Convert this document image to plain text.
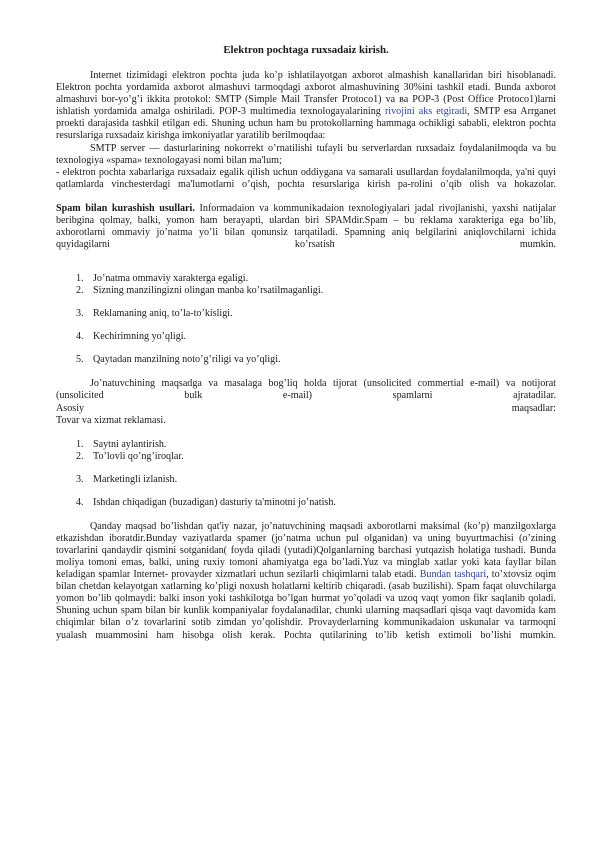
Elektron pochtaga ruxsadaiz kirish.

Internet tizimidagi elektron pochta juda ko’p ishlatilayotgan axborot almashish kanallaridan biri hisoblanadi. Elektron pochta yordamida axborot almashuvi tarmoqdagi axborot almashuvining 30%ini tashkil etadi. Bunda axborot almashuvi bor-yo’g’i ikkita protokol: SMTP (Simple Mail Transfer Protoco1) va ва POP-3 (Post Office Protoco1)larni ishlatish yordamida amalga oshiriladi. POP-3 multimedia texnologayalarining rivojini aks etgiradi, SMTP esa Arrganet proekti darajasida tashkil etilgan edi. Shuning uchun ham bu protokollarning hammaga ochikligi sababli, elektron pochta resurslariga ruxsadaiz kirishga imkoniyatlar yaratilib berilmoqdaa:

SMTP server — dasturlarining nokorrekt o’rnatilishi tufayli bu serverlardan ruxsadaiz foydalanilmoqda va bu texnologiya «spama» texnologayasi nomi bilan ma'lum;

- elektron pochta xabarlariga ruxsadaiz egalik qilish uchun oddiygana va samarali usullardan foydalanilmoqda, ya'ni quyi qatlamlarda vinchesterdagi ma'lumotlarni o’qish, pochta resurslariga kirish pa-rolini o’qib olish va hokazolar.

Spam bilan kurashish usullari. Informadaion va kommunikadaion texnologiyalari jadal rivojlanishi, yaxshi natijalar beribgina qolmay, balki, yomon ham berayapti, ulardan biri SPAMdir.Spam – bu reklama xarakteriga ega bo’lib, axborotlarni ommaviy jo’natma yo’li bilan qonunsiz tarqatiladi. Spamning aniq belgilarini aniqlovchilarni ichida quyidagilarni ko’rsatish mumkin.

1. Jo’natma ommaviy xarakterga egaligi.
2. Sizning manzilingizni olingan manba ko’rsatilmaganligi.
3. Reklamaning aniq, to’la-to’kisligi.
4. Kechirimning yo’qligi.
5. Qaytadan manzilning noto’g’riligi va yo’qligi.

Jo’natuvchining maqsadga va masalaga bog’liq holda tijorat (unsolicited commertial e-mail) va notijorat (unsolicited bulk e-mail) spamlarni ajratadilar.

Asosiy maqsadlar:

Tovar va xizmat reklamasi.

1. Saytni aylantirish.
2. To’lovli qo’ng’iroqlar.
3. Marketingli izlanish.
4. Ishdan chiqadigan (buzadigan) dasturiy ta'minotni jo’natish.

Qanday maqsad bo’lishdan qat'iy nazar, jo’natuvchining maqsadi axborotlarni maksimal (ko’p) manzilgoxlarga etkazishdan iboratdir.Bunday vaziyatlarda spamer (jo’natma uchun pul olganidan) va uning buyurtmachisi (o’zining tovarlarini qandaydir qismini sotganidan( foyda qiladi (yutadi)Qolganlarning barchasi yutqazish holatiga tushadi. Bunda moliya tomoni emas, balki, uning ruxiy tomoni ahamiyatga ega bo’ladi.Yuz va minglab xatlar yoki kata fayllar bilan keladigan spamlar Internet- provayder xizmatlari uchun sezilarli chiqimlarni talab etadi. Bundan tashqari, to’xtovsiz oqim bilan chetdan kelayotgan xatlarning ko’pligi noxush holatlarni keltirib chiqaradi. (asab buzilishi). Spam faqat oluvchilarga yomon bo’lib qolmaydi: balki inson yoki tashkilotga bo’lgan hurmat yo’qoladi va uzoq vaqt yomon fikr saqlanib qoladi. Shuning uchun spam bilan bir kunlik kompaniyalar foydalanadilar, chunki ularning maqsadlari qisqa vaqt davomida kam chiqimlar bilan o’z tovarlarini sotib zimdan yo’qolishdir. Provayderlarning kommunikadaion uskunalar va tarmoqni yualash muammosini ham hisobga olish kerak. Pochta qutilarining to’lib ketish extimoli bo’lishi mumkin.
